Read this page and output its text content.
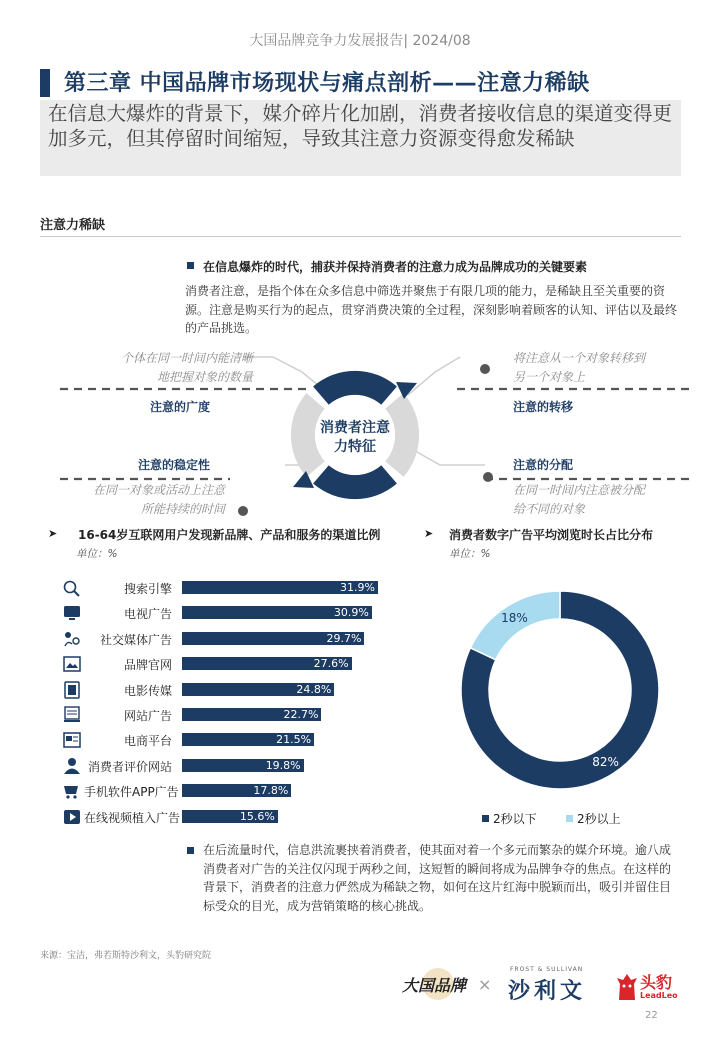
大国品牌竞争力发展报告| 2024/08
第三章 中国品牌市场现状与痛点剖析——注意力稀缺
在信息大爆炸的背景下，媒介碎片化加剧，消费者接收信息的渠道变得更加多元，但其停留时间缩短，导致其注意力资源变得愈发稀缺
注意力稀缺
在信息爆炸的时代，捕获并保持消费者的注意力成为品牌成功的关键要素
消费者注意，是指个体在众多信息中筛选并聚焦于有限几项的能力，是稀缺且至关重要的资源。注意是购买行为的起点，贯穿消费决策的全过程，深刻影响着顾客的认知、评估以及最终的产品挑选。
消费者注意
力特征
个体在同一时间内能清晰
地把握对象的数量
注意的广度
将注意从一个对象转移到
另一个对象上
注意的转移
注意的稳定性
在同一对象或活动上注意
所能持续的时间
注意的分配
在同一时间内注意被分配
给不同的对象
➤ 16-64岁互联网用户发现新品牌、产品和服务的渠道比例
单位：%
➤ 消费者数字广告平均浏览时长占比分布
单位：%
搜索引擎	31.9%
电视广告	30.9%
社交媒体广告	29.7%
品牌官网	27.6%
电影传媒	24.8%
网站广告	22.7%
电商平台	21.5%
消费者评价网站	19.8%
手机软件APP广告	17.8%
在线视频植入广告	15.6%
82%
18%
2秒以下	2秒以上
在后流量时代，信息洪流裹挟着消费者，使其面对着一个多元而繁杂的媒介环境。逾八成消费者对广告的关注仅闪现于两秒之间，这短暂的瞬间将成为品牌争夺的焦点。在这样的背景下，消费者的注意力俨然成为稀缺之物，如何在这片红海中脱颖而出，吸引并留住目标受众的目光，成为营销策略的核心挑战。
来源：宝洁，弗若斯特沙利文，头豹研究院
大国品牌 ×
FROST & SULLIVAN
沙利文	头豹
LeadLeo
22
